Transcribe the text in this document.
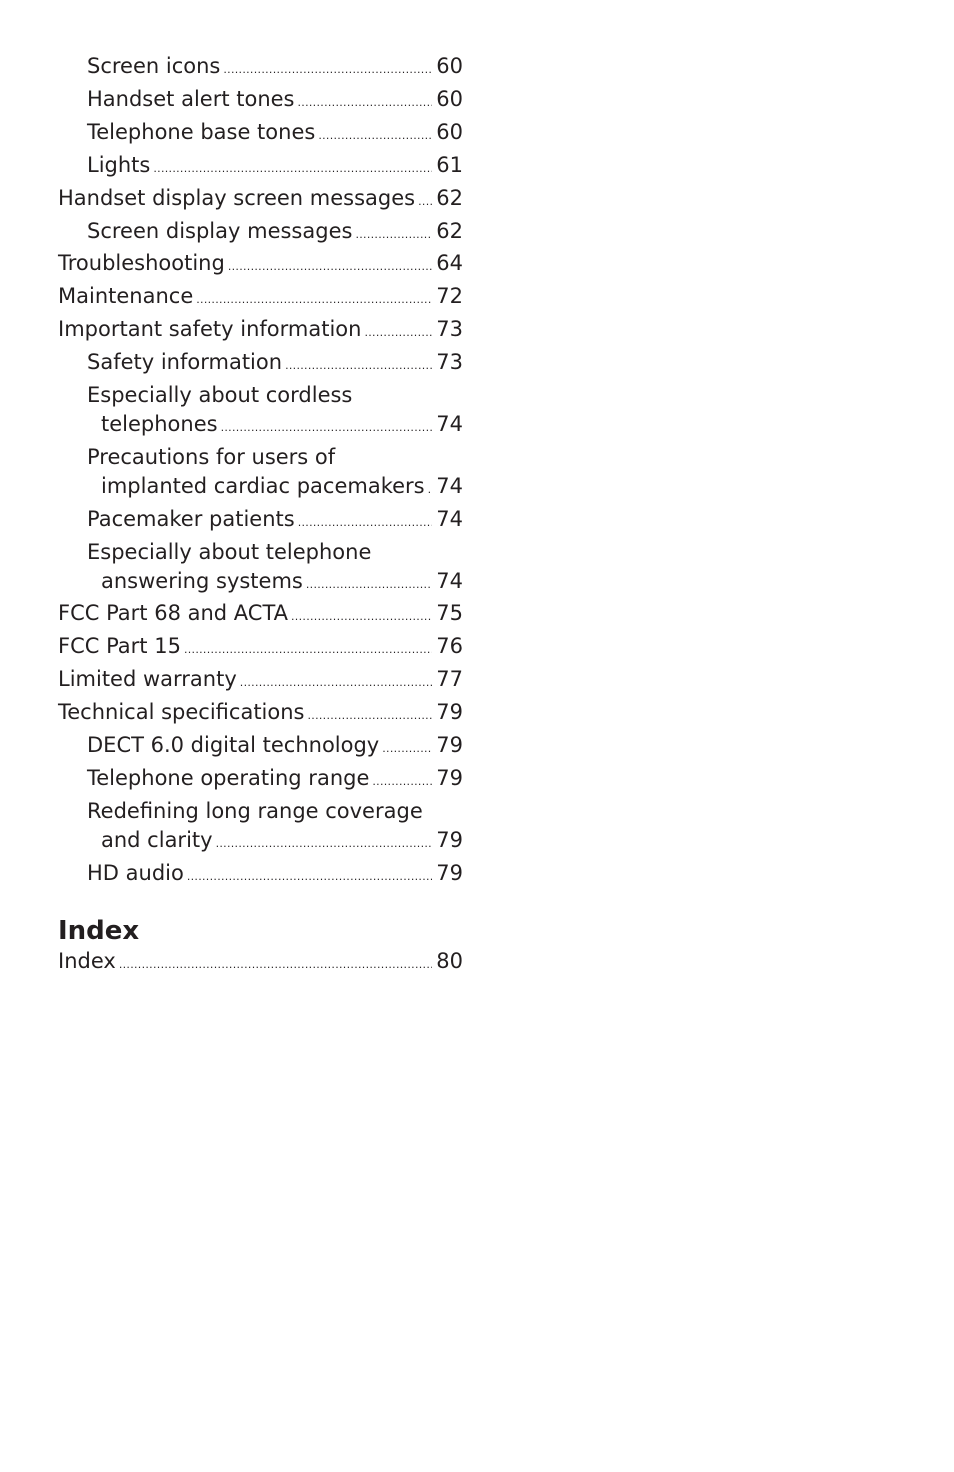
Screen icons .....	60
Handset alert tones .....	60
Telephone base tones .....	60
Lights .....	61
Handset display screen messages ..... 62
Screen display messages .....	62
Troubleshooting .....	64
Maintenance .....	72
Important safety information .....	73
Safety information .....	73
Especially about cordless
telephones .....	74
Precautions for users of
implanted cardiac pacemakers ..... 74
Pacemaker patients .....	74
Especially about telephone
answering systems .....	74
FCC Part 68 and ACTA .....	75
FCC Part 15 .....	76
Limited warranty .....	77
Technical specifications .....	79
DECT 6.0 digital technology .....	79
Telephone operating range .....	79
Redefining long range coverage
and clarity .....	79
HD audio .....	79
Index
Index .....	80
